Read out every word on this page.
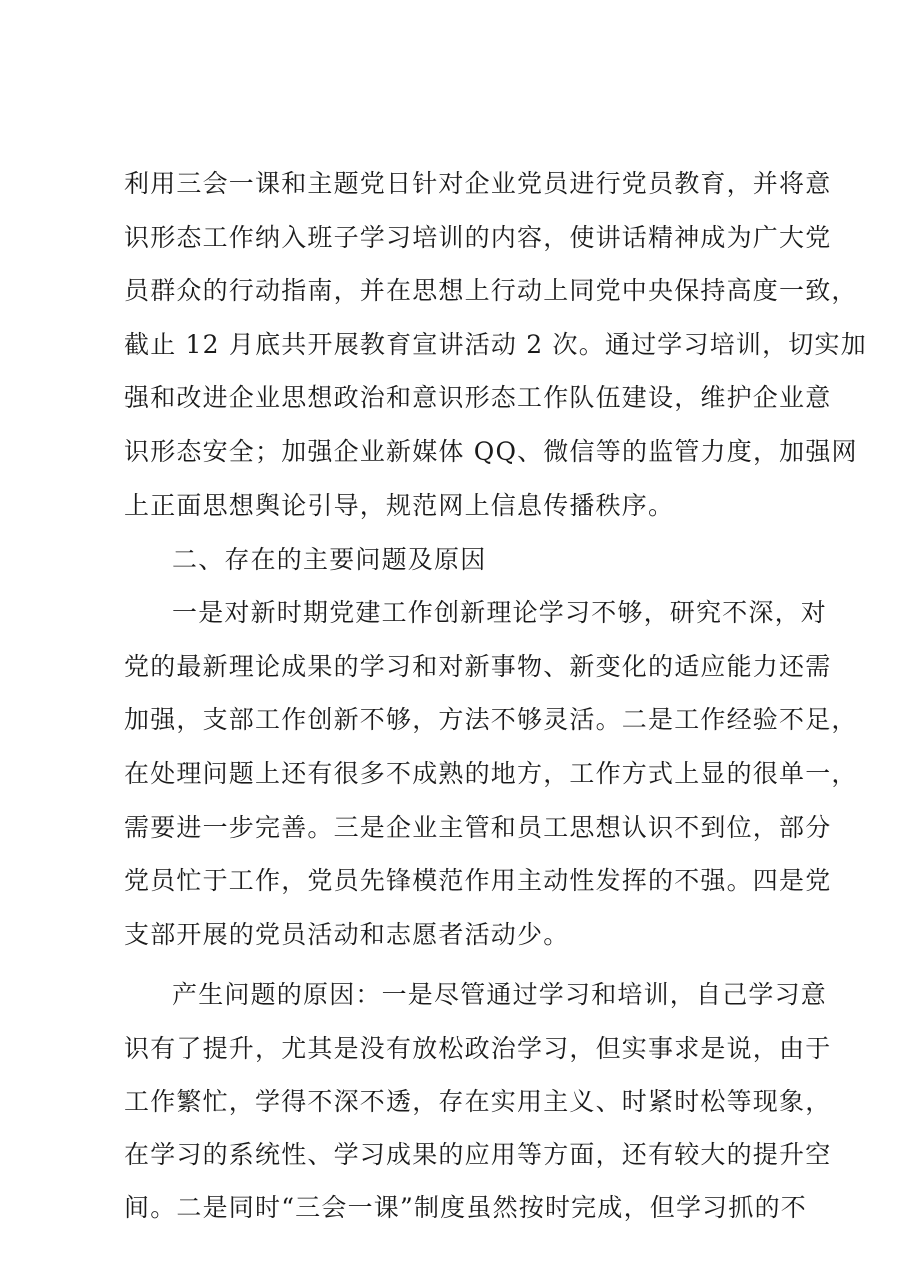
利用三会一课和主题党日针对企业党员进行党员教育，并将意
识形态工作纳入班子学习培训的内容，使讲话精神成为广大党
员群众的行动指南，并在思想上行动上同党中央保持高度一致，
截止 12 月底共开展教育宣讲活动 2 次。通过学习培训，切实加
强和改进企业思想政治和意识形态工作队伍建设，维护企业意
识形态安全；加强企业新媒体 QQ、微信等的监管力度，加强网
上正面思想舆论引导，规范网上信息传播秩序。
二、存在的主要问题及原因
一是对新时期党建工作创新理论学习不够，研究不深，对
党的最新理论成果的学习和对新事物、新变化的适应能力还需
加强，支部工作创新不够，方法不够灵活。二是工作经验不足，
在处理问题上还有很多不成熟的地方，工作方式上显的很单一，
需要进一步完善。三是企业主管和员工思想认识不到位，部分
党员忙于工作，党员先锋模范作用主动性发挥的不强。四是党
支部开展的党员活动和志愿者活动少。
产生问题的原因：一是尽管通过学习和培训，自己学习意
识有了提升，尤其是没有放松政治学习，但实事求是说，由于
工作繁忙，学得不深不透，存在实用主义、时紧时松等现象，
在学习的系统性、学习成果的应用等方面，还有较大的提升空
间。二是同时“三会一课”制度虽然按时完成，但学习抓的不
